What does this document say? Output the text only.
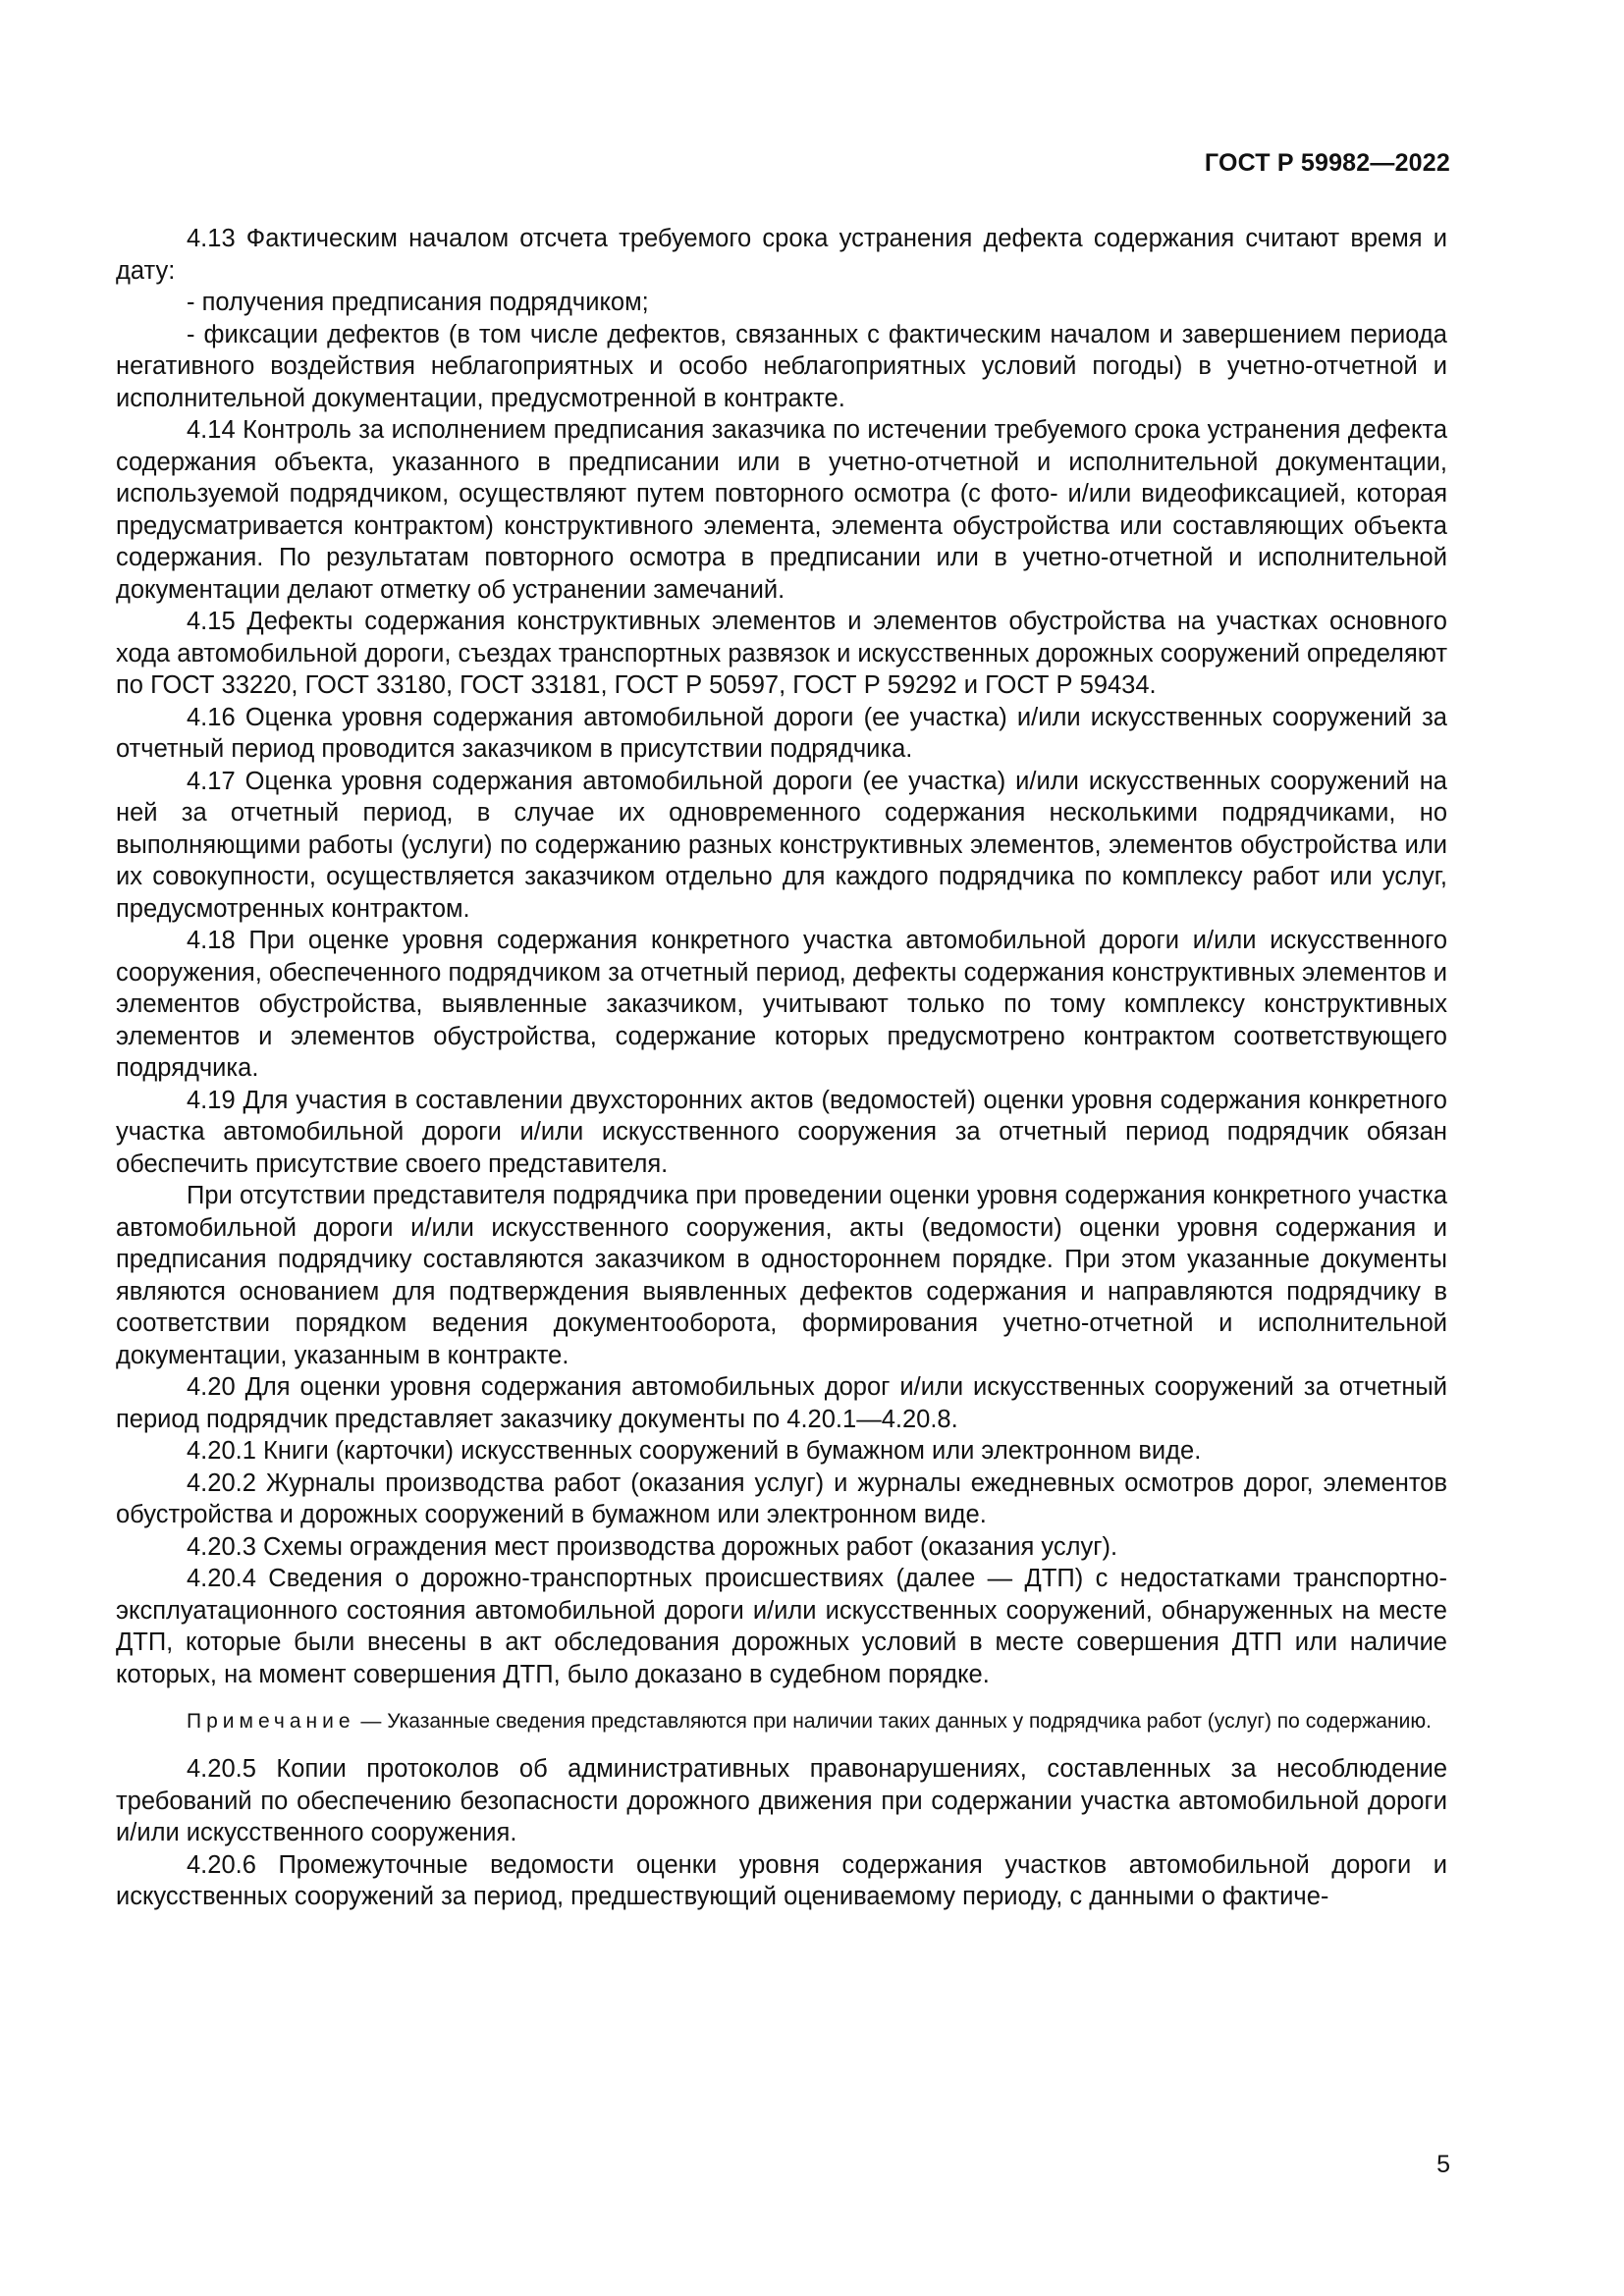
ГОСТ Р 59982—2022

4.13 Фактическим началом отсчета требуемого срока устранения дефекта содержания считают время и дату:

- получения предписания подрядчиком;

- фиксации дефектов (в том числе дефектов, связанных с фактическим началом и завершением периода негативного воздействия неблагоприятных и особо неблагоприятных условий погоды) в учетно-отчетной и исполнительной документации, предусмотренной в контракте.

4.14 Контроль за исполнением предписания заказчика по истечении требуемого срока устранения дефекта содержания объекта, указанного в предписании или в учетно-отчетной и исполнительной документации, используемой подрядчиком, осуществляют путем повторного осмотра (с фото- и/или видеофиксацией, которая предусматривается контрактом) конструктивного элемента, элемента обустройства или составляющих объекта содержания. По результатам повторного осмотра в предписании или в учетно-отчетной и исполнительной документации делают отметку об устранении замечаний.

4.15 Дефекты содержания конструктивных элементов и элементов обустройства на участках основного хода автомобильной дороги, съездах транспортных развязок и искусственных дорожных сооружений определяют по ГОСТ 33220, ГОСТ 33180, ГОСТ 33181, ГОСТ Р 50597, ГОСТ Р 59292 и ГОСТ Р 59434.

4.16 Оценка уровня содержания автомобильной дороги (ее участка) и/или искусственных сооружений за отчетный период проводится заказчиком в присутствии подрядчика.

4.17 Оценка уровня содержания автомобильной дороги (ее участка) и/или искусственных сооружений на ней за отчетный период, в случае их одновременного содержания несколькими подрядчиками, но выполняющими работы (услуги) по содержанию разных конструктивных элементов, элементов обустройства или их совокупности, осуществляется заказчиком отдельно для каждого подрядчика по комплексу работ или услуг, предусмотренных контрактом.

4.18 При оценке уровня содержания конкретного участка автомобильной дороги и/или искусственного сооружения, обеспеченного подрядчиком за отчетный период, дефекты содержания конструктивных элементов и элементов обустройства, выявленные заказчиком, учитывают только по тому комплексу конструктивных элементов и элементов обустройства, содержание которых предусмотрено контрактом соответствующего подрядчика.

4.19 Для участия в составлении двухсторонних актов (ведомостей) оценки уровня содержания конкретного участка автомобильной дороги и/или искусственного сооружения за отчетный период подрядчик обязан обеспечить присутствие своего представителя.

При отсутствии представителя подрядчика при проведении оценки уровня содержания конкретного участка автомобильной дороги и/или искусственного сооружения, акты (ведомости) оценки уровня содержания и предписания подрядчику составляются заказчиком в одностороннем порядке. При этом указанные документы являются основанием для подтверждения выявленных дефектов содержания и направляются подрядчику в соответствии порядком ведения документооборота, формирования учетно-отчетной и исполнительной документации, указанным в контракте.

4.20 Для оценки уровня содержания автомобильных дорог и/или искусственных сооружений за отчетный период подрядчик представляет заказчику документы по 4.20.1—4.20.8.

4.20.1 Книги (карточки) искусственных сооружений в бумажном или электронном виде.

4.20.2 Журналы производства работ (оказания услуг) и журналы ежедневных осмотров дорог, элементов обустройства и дорожных сооружений в бумажном или электронном виде.

4.20.3 Схемы ограждения мест производства дорожных работ (оказания услуг).

4.20.4 Сведения о дорожно-транспортных происшествиях (далее — ДТП) с недостатками транспортно-эксплуатационного состояния автомобильной дороги и/или искусственных сооружений, обнаруженных на месте ДТП, которые были внесены в акт обследования дорожных условий в месте совершения ДТП или наличие которых, на момент совершения ДТП, было доказано в судебном порядке.

Примечание — Указанные сведения представляются при наличии таких данных у подрядчика работ (услуг) по содержанию.

4.20.5 Копии протоколов об административных правонарушениях, составленных за несоблюдение требований по обеспечению безопасности дорожного движения при содержании участка автомобильной дороги и/или искусственного сооружения.

4.20.6 Промежуточные ведомости оценки уровня содержания участков автомобильной дороги и искусственных сооружений за период, предшествующий оцениваемому периоду, с данными о фактиче-

5
